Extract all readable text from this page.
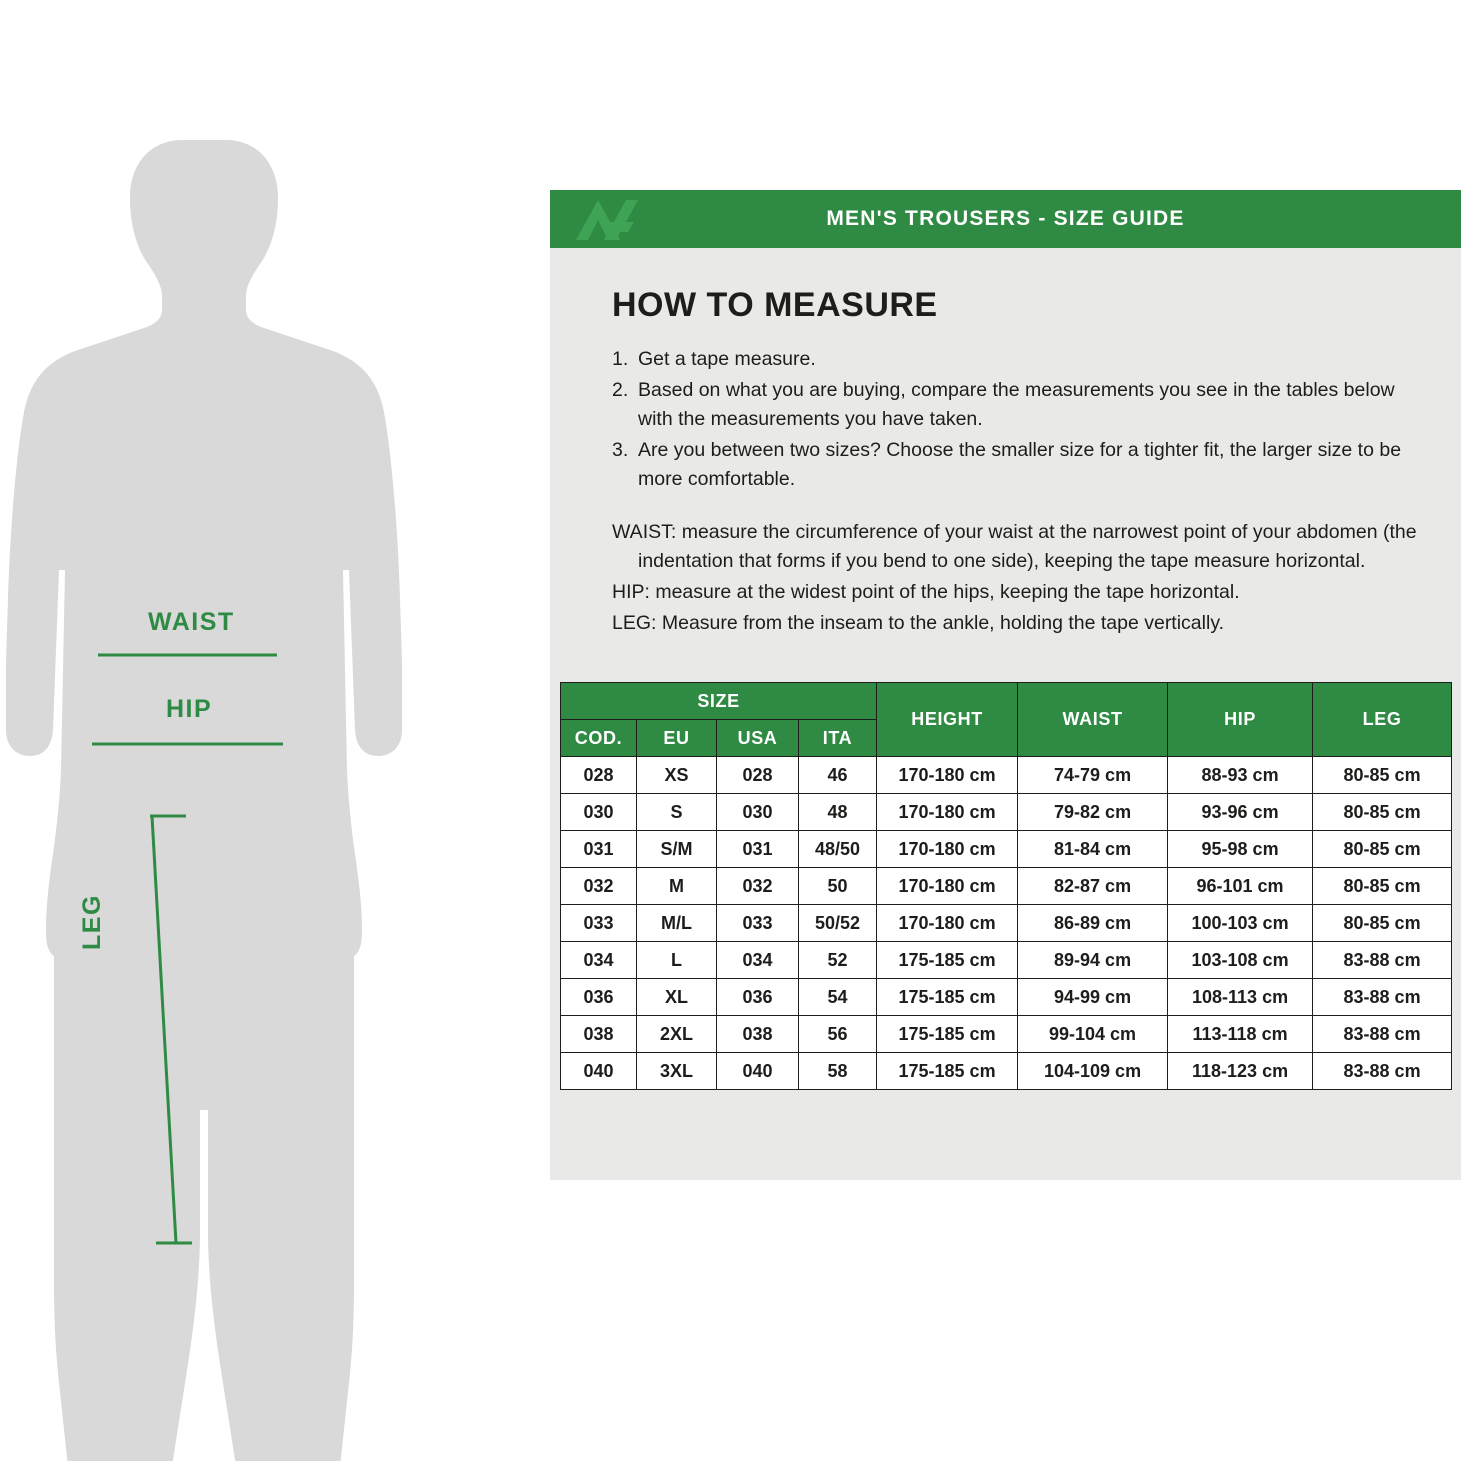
WAIST
HIP
LEG
MEN'S TROUSERS - SIZE GUIDE
HOW TO MEASURE
1. Get a tape measure.
2. Based on what you are buying, compare the measurements you see in the tables below with the measurements you have taken.
3. Are you between two sizes? Choose the smaller size for a tighter fit, the larger size to be more comfortable.
WAIST: measure the circumference of your waist at the narrowest point of your abdomen (the indentation that forms if you bend to one side), keeping the tape measure horizontal.
HIP: measure at the widest point of the hips, keeping the tape horizontal.
LEG: Measure from the inseam to the ankle, holding the tape vertically.
SIZE				HEIGHT	WAIST	HIP	LEG
COD.	EU	USA	ITA				
028	XS	028	46	170-180 cm	74-79 cm	88-93 cm	80-85 cm
030	S	030	48	170-180 cm	79-82 cm	93-96 cm	80-85 cm
031	S/M	031	48/50	170-180 cm	81-84 cm	95-98 cm	80-85 cm
032	M	032	50	170-180 cm	82-87 cm	96-101 cm	80-85 cm
033	M/L	033	50/52	170-180 cm	86-89 cm	100-103 cm	80-85 cm
034	L	034	52	175-185 cm	89-94 cm	103-108 cm	83-88 cm
036	XL	036	54	175-185 cm	94-99 cm	108-113 cm	83-88 cm
038	2XL	038	56	175-185 cm	99-104 cm	113-118 cm	83-88 cm
040	3XL	040	58	175-185 cm	104-109 cm	118-123 cm	83-88 cm
